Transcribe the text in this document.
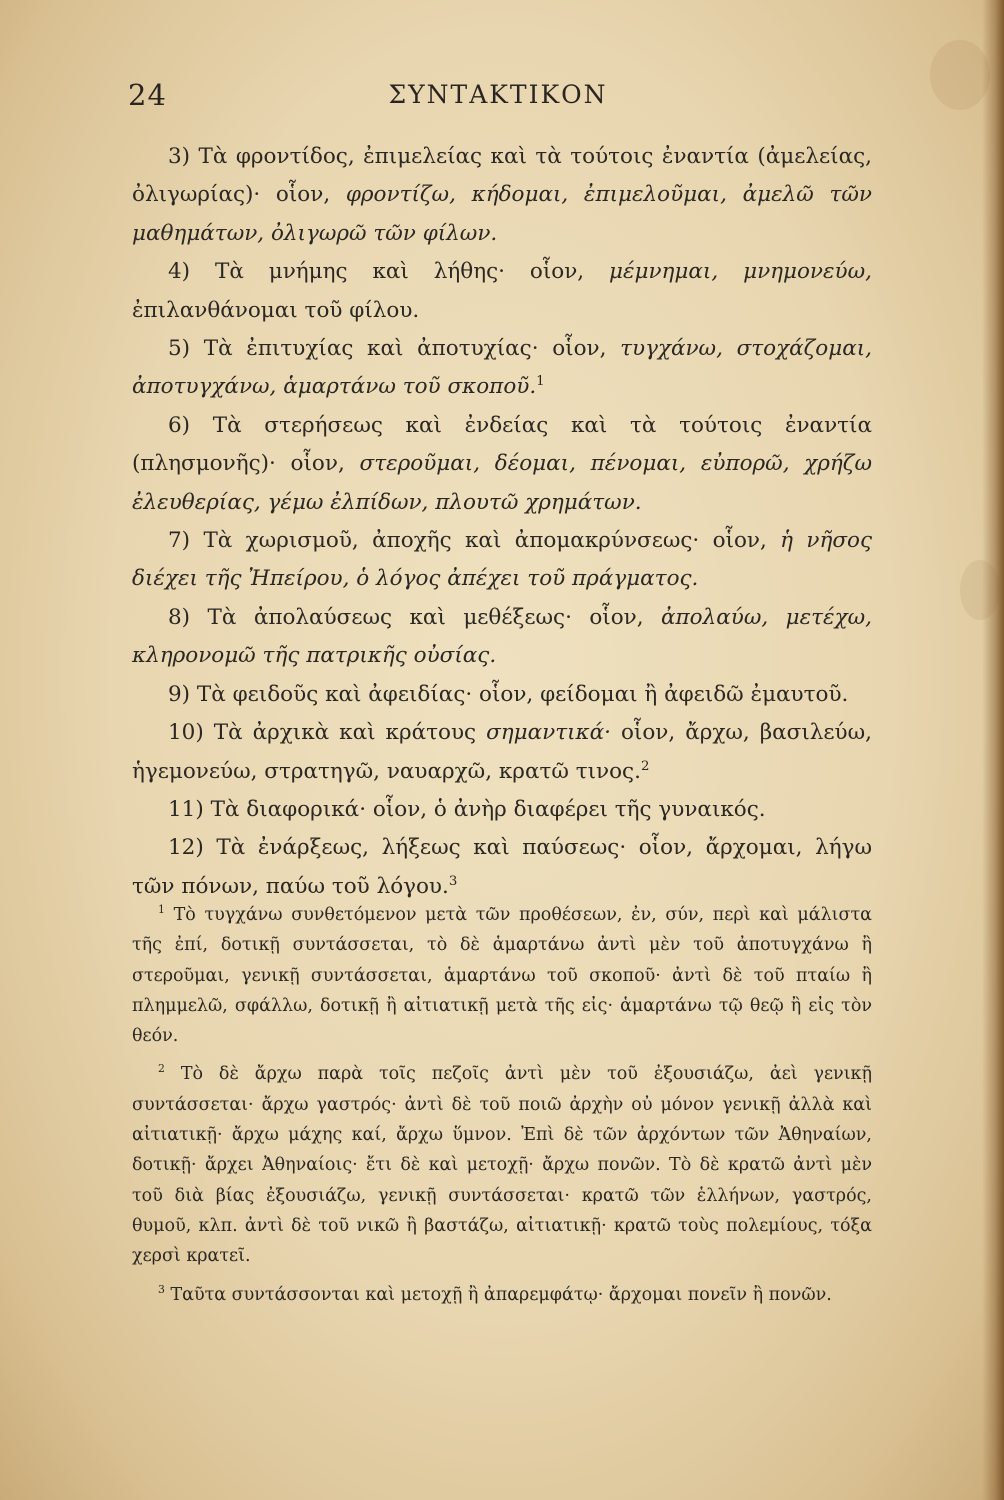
24	ΣΥΝΤΑΚΤΙΚΟΝ

3) Τὰ φροντίδος, ἐπιμελείας καὶ τὰ τούτοις ἐναντία (ἀμελείας, ὀλιγωρίας)· οἷον, φροντίζω, κήδομαι, ἐπιμελοῦμαι, ἀμελῶ τῶν μαθημάτων, ὀλιγωρῶ τῶν φίλων.

4) Τὰ μνήμης καὶ λήθης· οἷον, μέμνημαι, μνημονεύω, ἐπιλανθάνομαι τοῦ φίλου.

5) Τὰ ἐπιτυχίας καὶ ἀποτυχίας· οἷον, τυγχάνω, στοχάζομαι, ἀποτυγχάνω, ἁμαρτάνω τοῦ σκοποῦ.$^1$

6) Τὰ στερήσεως καὶ ἐνδείας καὶ τὰ τούτοις ἐναντία (πλησμονῆς)· οἷον, στεροῦμαι, δέομαι, πένομαι, εὐπορῶ, χρήζω ἐλευθερίας, γέμω ἐλπίδων, πλουτῶ χρημάτων.

7) Τὰ χωρισμοῦ, ἀποχῆς καὶ ἀπομακρύνσεως· οἷον, ἡ νῆσος διέχει τῆς Ἠπείρου, ὁ λόγος ἀπέχει τοῦ πράγματος.

8) Τὰ ἀπολαύσεως καὶ μεθέξεως· οἷον, ἀπολαύω, μετέχω, κληρονομῶ τῆς πατρικῆς οὐσίας.

9) Τὰ φειδοῦς καὶ ἀφειδίας· οἷον, φείδομαι ἢ ἀφειδῶ ἐμαυτοῦ.

10) Τὰ ἀρχικὰ καὶ κράτους σημαντικά· οἷον, ἄρχω, βασιλεύω, ἡγεμονεύω, στρατηγῶ, ναυαρχῶ, κρατῶ τινος.$^2$

11) Τὰ διαφορικά· οἷον, ὁ ἀνὴρ διαφέρει τῆς γυναικός.

12) Τὰ ἐνάρξεως, λήξεως καὶ παύσεως· οἷον, ἄρχομαι, λήγω τῶν πόνων, παύω τοῦ λόγου.$^3$

$^1$ Τὸ τυγχάνω συνθετόμενον μετὰ τῶν προθέσεων, ἐν, σύν, περὶ καὶ μάλιστα τῆς ἐπί, δοτικῇ συντάσσεται, τὸ δὲ ἁμαρτάνω ἀντὶ μὲν τοῦ ἀποτυγχάνω ἢ στεροῦμαι, γενικῇ συντάσσεται, ἁμαρτάνω τοῦ σκοποῦ· ἀντὶ δὲ τοῦ πταίω ἢ πλημμελῶ, σφάλλω, δοτικῇ ἢ αἰτιατικῇ μετὰ τῆς εἰς· ἁμαρτάνω τῷ θεῷ ἢ εἰς τὸν θεόν.

$^2$ Τὸ δὲ ἄρχω παρὰ τοῖς πεζοῖς ἀντὶ μὲν τοῦ ἐξουσιάζω, ἀεὶ γενικῇ συντάσσεται· ἄρχω γαστρός· ἀντὶ δὲ τοῦ ποιῶ ἀρχὴν οὐ μόνον γενικῇ ἀλλὰ καὶ αἰτιατικῇ· ἄρχω μάχης καί, ἄρχω ὕμνον. Ἐπὶ δὲ τῶν ἀρχόντων τῶν Ἀθηναίων, δοτικῇ· ἄρχει Ἀθηναίοις· ἔτι δὲ καὶ μετοχῇ· ἄρχω πονῶν. Τὸ δὲ κρατῶ ἀντὶ μὲν τοῦ διὰ βίας ἐξουσιάζω, γενικῇ συντάσσεται· κρατῶ τῶν ἑλλήνων, γαστρός, θυμοῦ, κλπ. ἀντὶ δὲ τοῦ νικῶ ἢ βαστάζω, αἰτιατικῇ· κρατῶ τοὺς πολεμίους, τόξα χερσὶ κρατεῖ.

$^3$ Ταῦτα συντάσσονται καὶ μετοχῇ ἢ ἀπαρεμφάτῳ· ἄρχομαι πονεῖν ἢ πονῶν.
